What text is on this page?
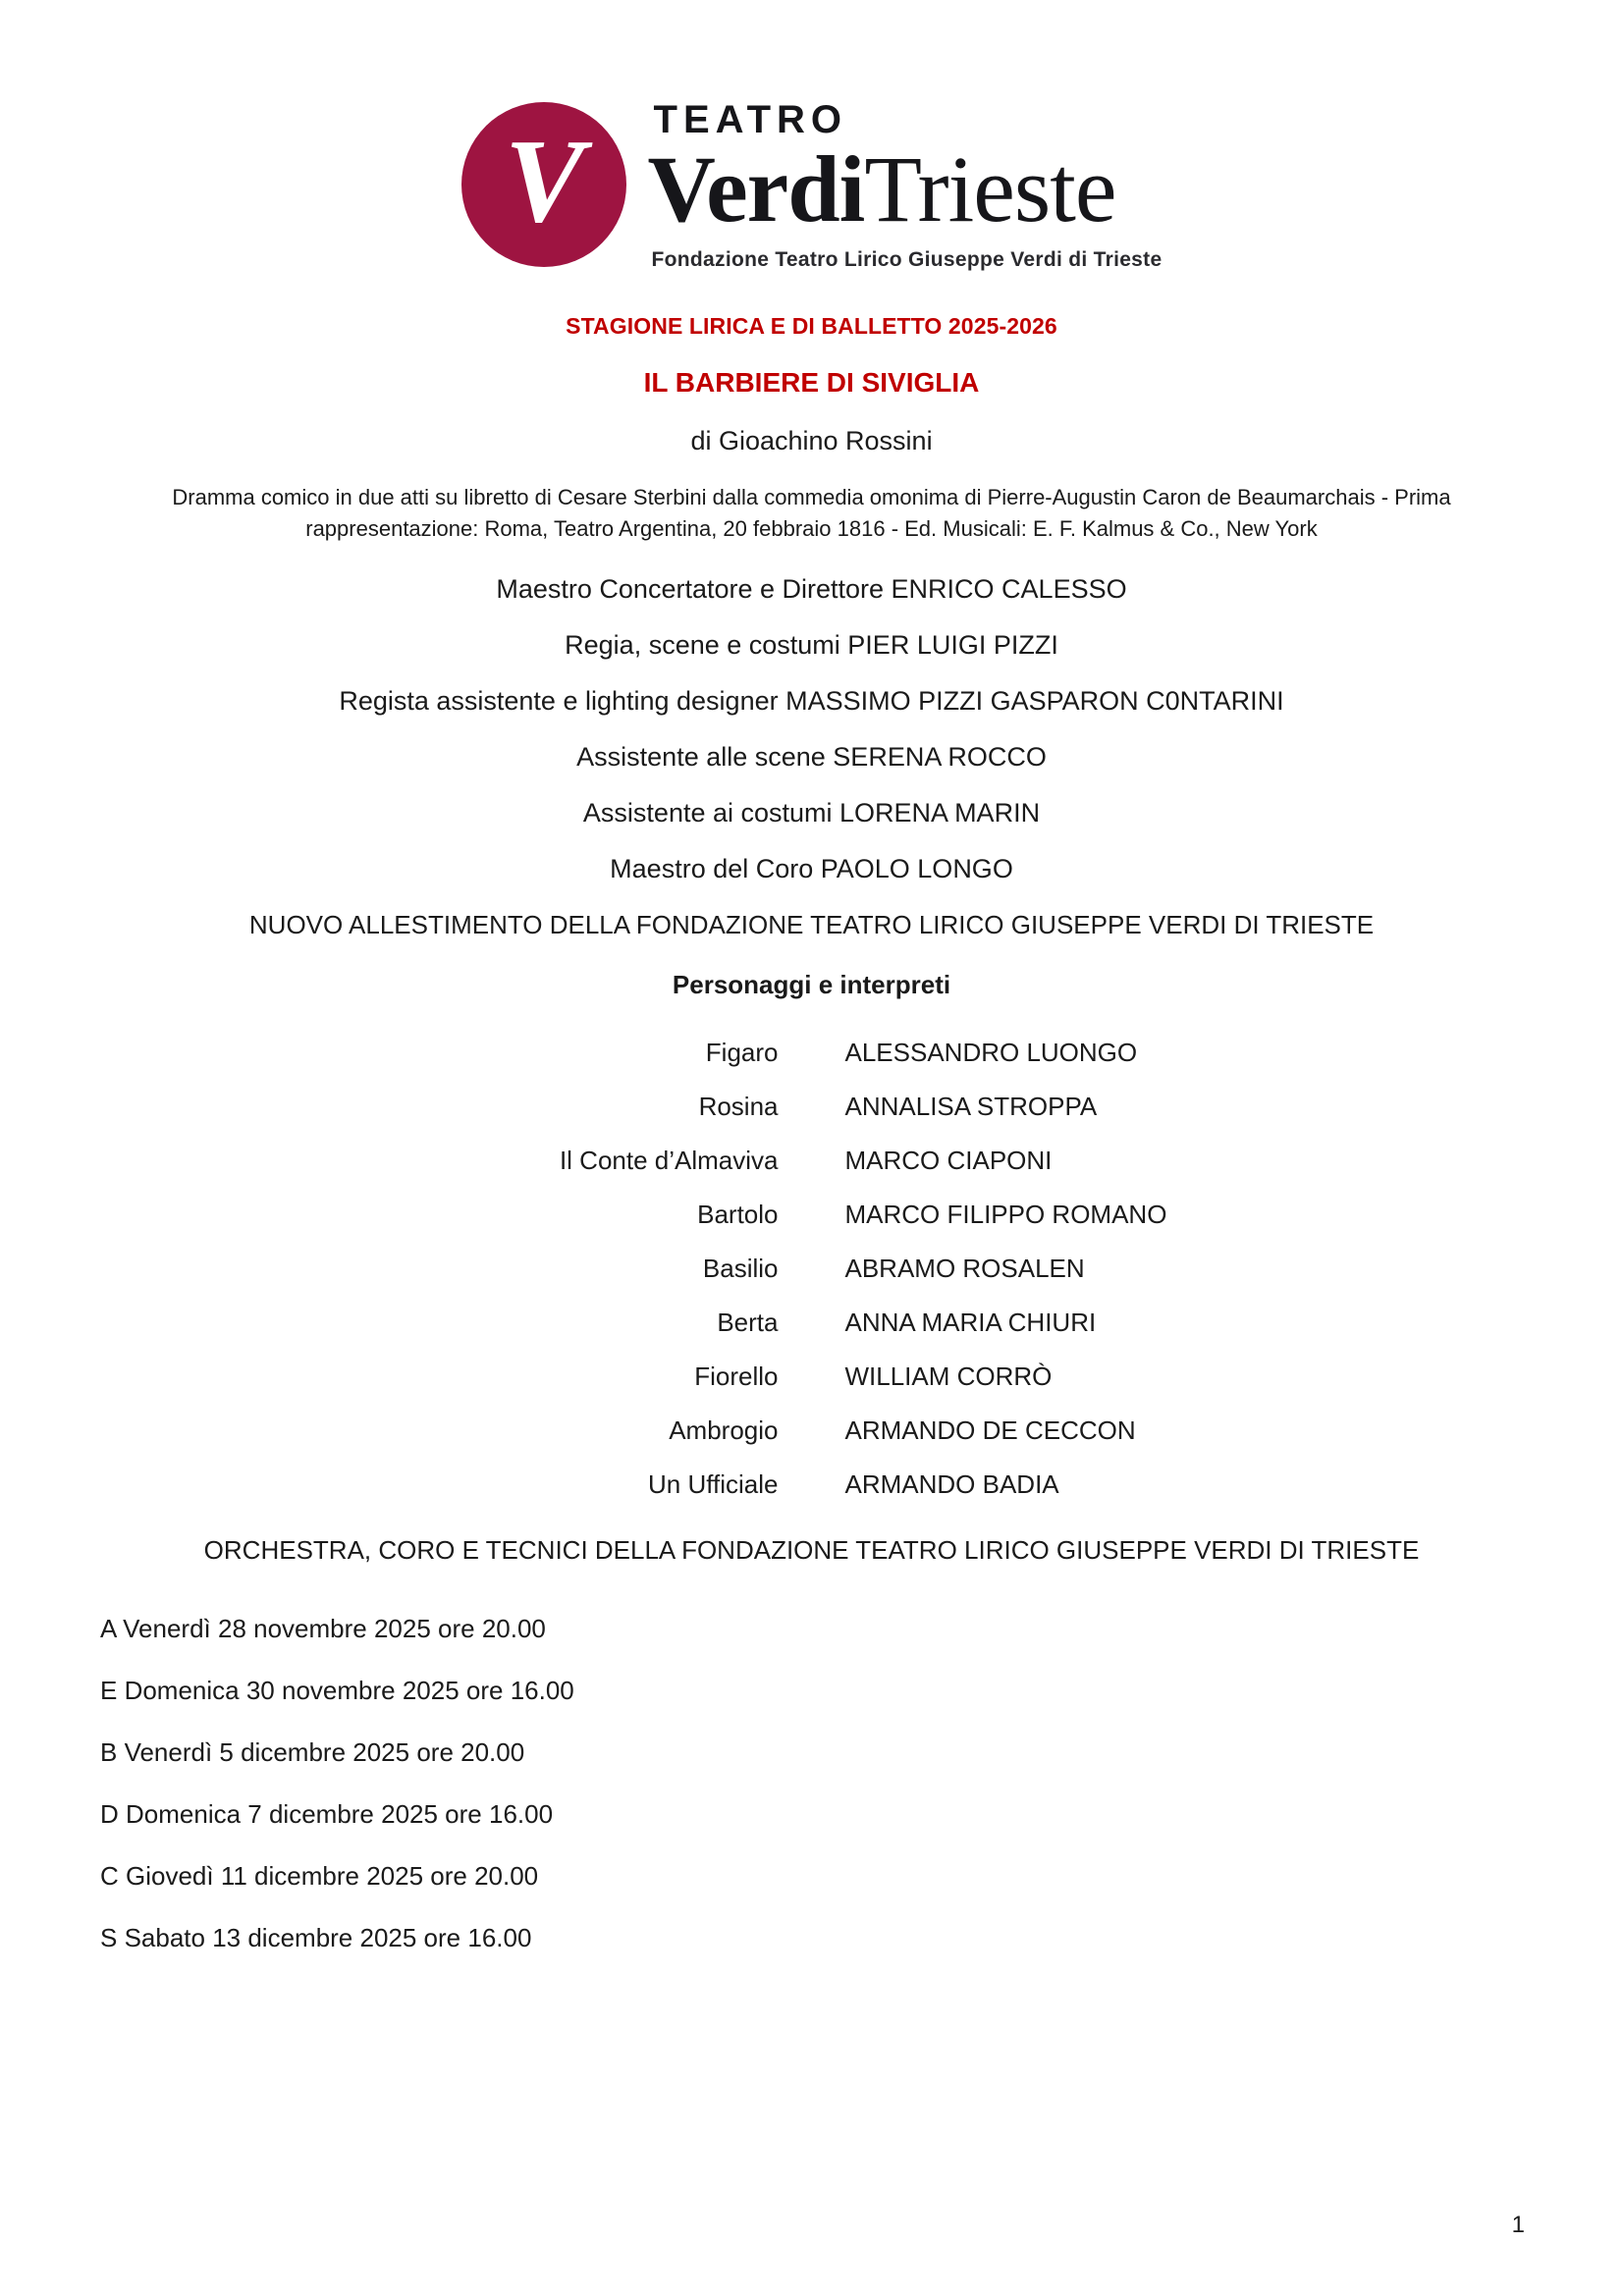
V	TEATRO
VerdiTrieste
Fondazione Teatro Lirico Giuseppe Verdi di Trieste
STAGIONE LIRICA E DI BALLETTO 2025-2026
IL BARBIERE DI SIVIGLIA
di Gioachino Rossini
Dramma comico in due atti su libretto di Cesare Sterbini dalla commedia omonima di Pierre-Augustin Caron de Beaumarchais - Prima rappresentazione: Roma, Teatro Argentina, 20 febbraio 1816 - Ed. Musicali: E. F. Kalmus & Co., New York
Maestro Concertatore e Direttore ENRICO CALESSO
Regia, scene e costumi PIER LUIGI PIZZI
Regista assistente e lighting designer MASSIMO PIZZI GASPARON C0NTARINI
Assistente alle scene SERENA ROCCO
Assistente ai costumi LORENA MARIN
Maestro del Coro PAOLO LONGO
NUOVO ALLESTIMENTO DELLA FONDAZIONE TEATRO LIRICO GIUSEPPE VERDI DI TRIESTE
Personaggi e interpreti
Figaro	ALESSANDRO LUONGO
Rosina	ANNALISA STROPPA
Il Conte d’Almaviva	MARCO CIAPONI
Bartolo	MARCO FILIPPO ROMANO
Basilio	ABRAMO ROSALEN
Berta	ANNA MARIA CHIURI
Fiorello	WILLIAM CORRÒ
Ambrogio	ARMANDO DE CECCON
Un Ufficiale	ARMANDO BADIA
ORCHESTRA, CORO E TECNICI DELLA FONDAZIONE TEATRO LIRICO GIUSEPPE VERDI DI TRIESTE
A Venerdì 28 novembre 2025 ore 20.00
E Domenica 30 novembre 2025 ore 16.00
B Venerdì 5 dicembre 2025 ore 20.00
D Domenica 7 dicembre 2025 ore 16.00
C Giovedì 11 dicembre 2025 ore 20.00
S Sabato 13 dicembre 2025 ore 16.00
1
